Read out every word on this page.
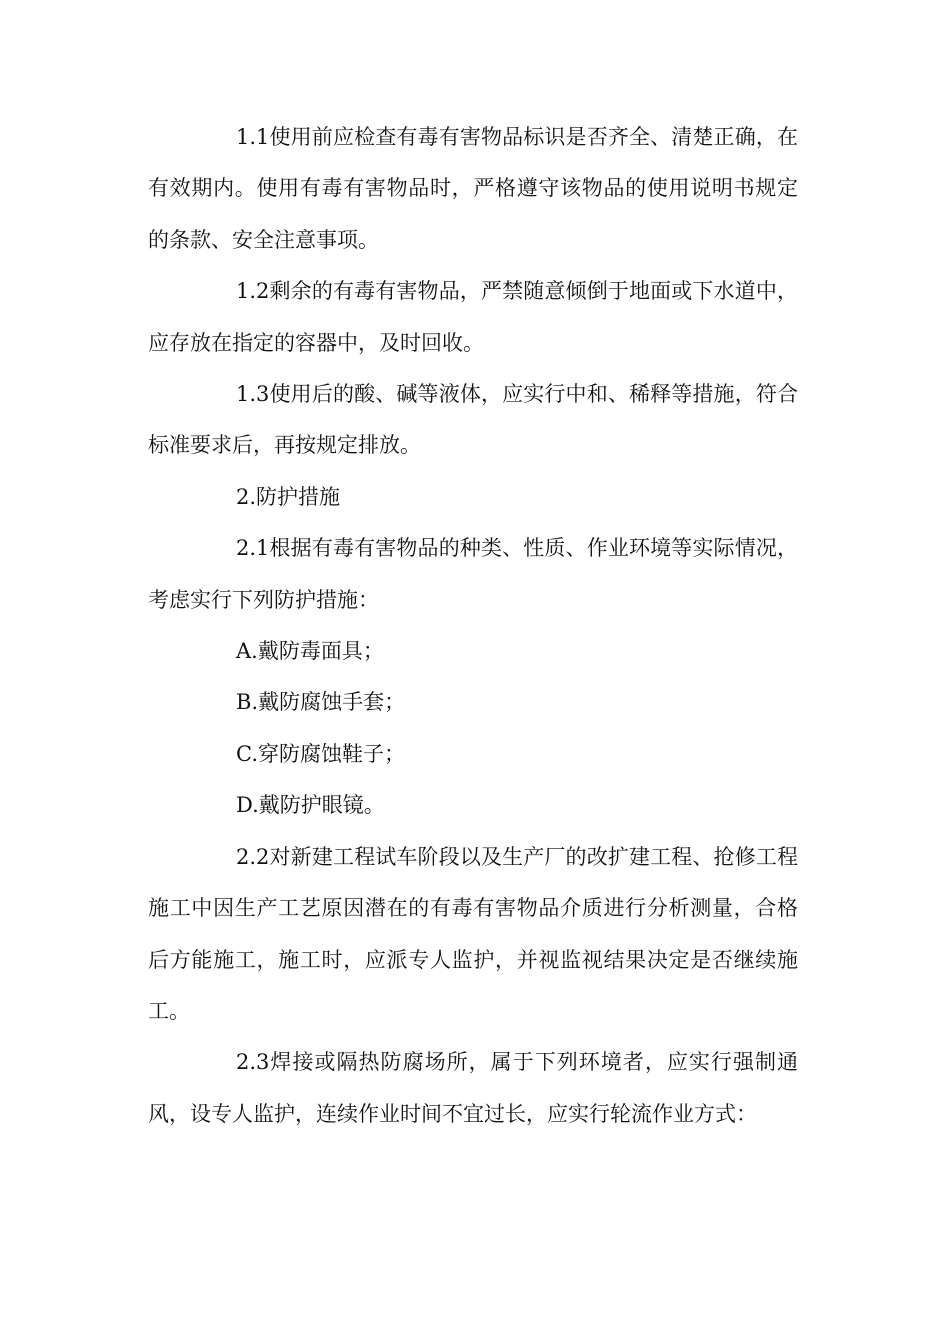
1.1使用前应检查有毒有害物品标识是否齐全、清楚正确，在有效期内。使用有毒有害物品时，严格遵守该物品的使用说明书规定的条款、安全注意事项。

1.2剩余的有毒有害物品，严禁随意倾倒于地面或下水道中，应存放在指定的容器中，及时回收。

1.3使用后的酸、碱等液体，应实行中和、稀释等措施，符合标准要求后，再按规定排放。

2.防护措施

2.1根据有毒有害物品的种类、性质、作业环境等实际情况，考虑实行下列防护措施：

A.戴防毒面具；

B.戴防腐蚀手套；

C.穿防腐蚀鞋子；

D.戴防护眼镜。

2.2对新建工程试车阶段以及生产厂的改扩建工程、抢修工程施工中因生产工艺原因潜在的有毒有害物品介质进行分析测量，合格后方能施工，施工时，应派专人监护，并视监视结果决定是否继续施工。

2.3焊接或隔热防腐场所，属于下列环境者，应实行强制通风，设专人监护，连续作业时间不宜过长，应实行轮流作业方式：
